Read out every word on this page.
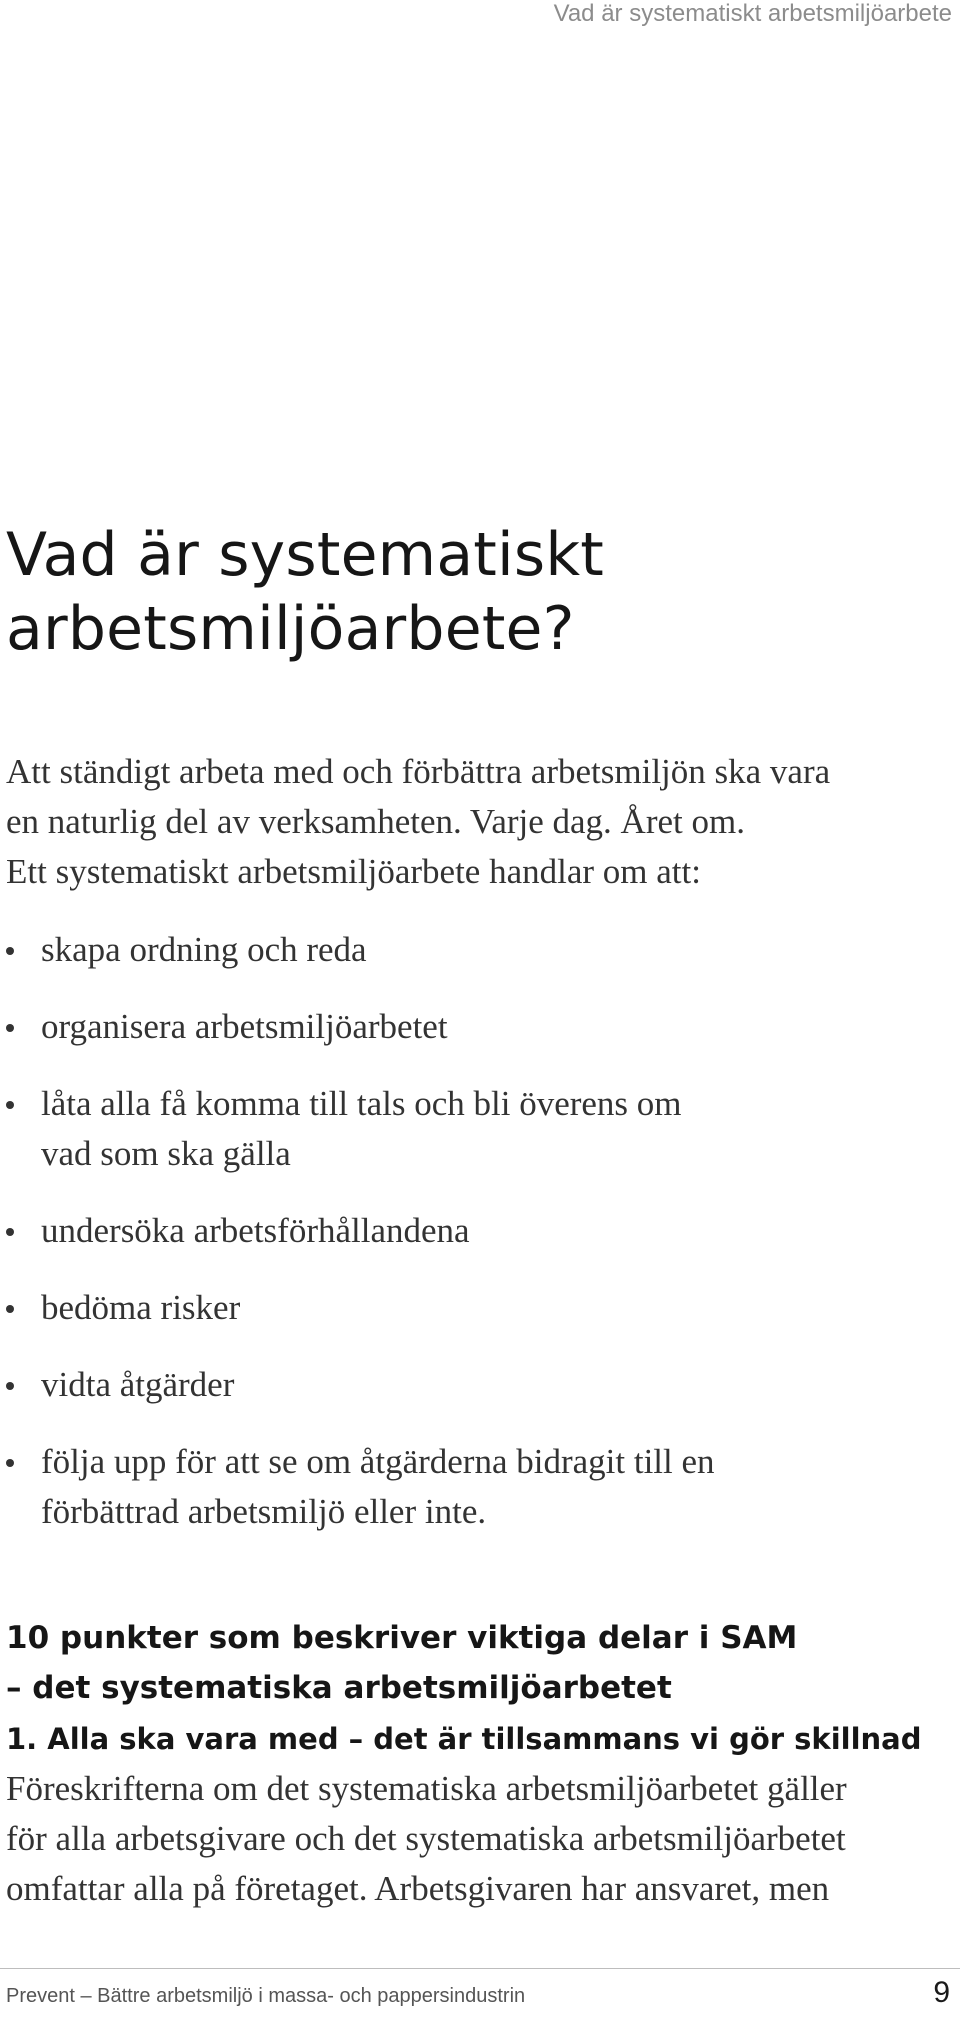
Vad är systematiskt arbetsmiljöarbete
Vad är systematiskt
arbetsmiljöarbete?

Att ständigt arbeta med och förbättra arbetsmiljön ska vara
en naturlig del av verksamheten. Varje dag. Året om.
Ett systematiskt arbetsmiljöarbete handlar om att:

skapa ordning och reda
organisera arbetsmiljöarbetet
låta alla få komma till tals och bli överens om
vad som ska gälla
undersöka arbetsförhållandena
bedöma risker
vidta åtgärder
följa upp för att se om åtgärderna bidragit till en
förbättrad arbetsmiljö eller inte.
10 punkter som beskriver viktiga delar i SAM
– det systematiska arbetsmiljöarbetet
1. Alla ska vara med – det är tillsammans vi gör skillnad

Föreskrifterna om det systematiska arbetsmiljöarbetet gäller
för alla arbetsgivare och det systematiska arbetsmiljöarbetet
omfattar alla på företaget. Arbetsgivaren har ansvaret, men

Prevent – Bättre arbetsmiljö i massa- och pappersindustrin	9
